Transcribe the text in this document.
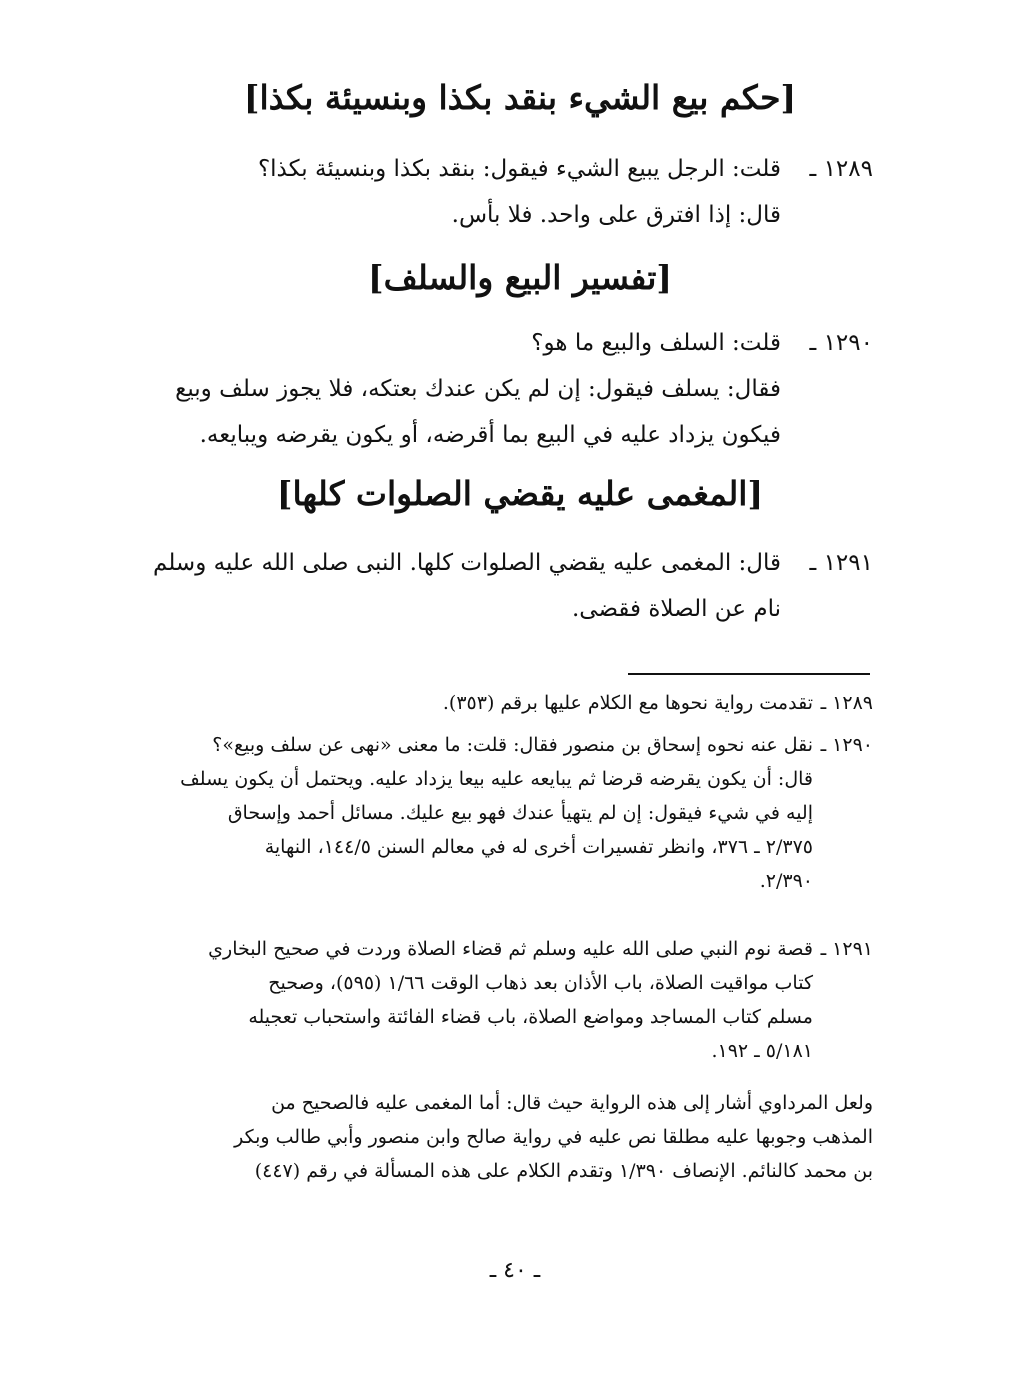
[حكم بيع الشيء بنقد بكذا وبنسيئة بكذا]
١٢٨٩ ـ
قلت: الرجل يبيع الشيء فيقول: بنقد بكذا وبنسيئة بكذا؟
قال: إذا افترق على واحد. فلا بأس.
[تفسير البيع والسلف]
١٢٩٠ ـ
قلت: السلف والبيع ما هو؟
فقال: يسلف فيقول: إن لم يكن عندك بعتكه، فلا يجوز سلف وبيع
فيكون يزداد عليه في البيع بما أقرضه، أو يكون يقرضه ويبايعه.
[المغمى عليه يقضي الصلوات كلها]
١٢٩١ ـ
قال: المغمى عليه يقضي الصلوات كلها. النبى صلى الله عليه وسلم
نام عن الصلاة فقضى.
١٢٨٩ ـ
تقدمت رواية نحوها مع الكلام عليها برقم (٣٥٣).
١٢٩٠ ـ
نقل عنه نحوه إسحاق بن منصور فقال: قلت: ما معنى «نهى عن سلف وبيع»؟
قال: أن يكون يقرضه قرضا ثم يبايعه عليه بيعا يزداد عليه. ويحتمل أن يكون يسلف
إليه في شيء فيقول: إن لم يتهيأ عندك فهو بيع عليك. مسائل أحمد وإسحاق
٢/٣٧٥ ـ ٣٧٦، وانظر تفسيرات أخرى له في معالم السنن ١٤٤/٥، النهاية
٢/٣٩٠.
١٢٩١ ـ
قصة نوم النبي صلى الله عليه وسلم ثم قضاء الصلاة وردت في صحيح البخاري
كتاب مواقيت الصلاة، باب الأذان بعد ذهاب الوقت ١/٦٦ (٥٩٥)، وصحيح
مسلم كتاب المساجد ومواضع الصلاة، باب قضاء الفائتة واستحباب تعجيله
٥/١٨١ ـ ١٩٢.
ولعل المرداوي أشار إلى هذه الرواية حيث قال: أما المغمى عليه فالصحيح من
المذهب وجوبها عليه مطلقا نص عليه في رواية صالح وابن منصور وأبي طالب وبكر
بن محمد كالنائم. الإنصاف ١/٣٩٠ وتقدم الكلام على هذه المسألة في رقم (٤٤٧)
ـ ٤٠ ـ
